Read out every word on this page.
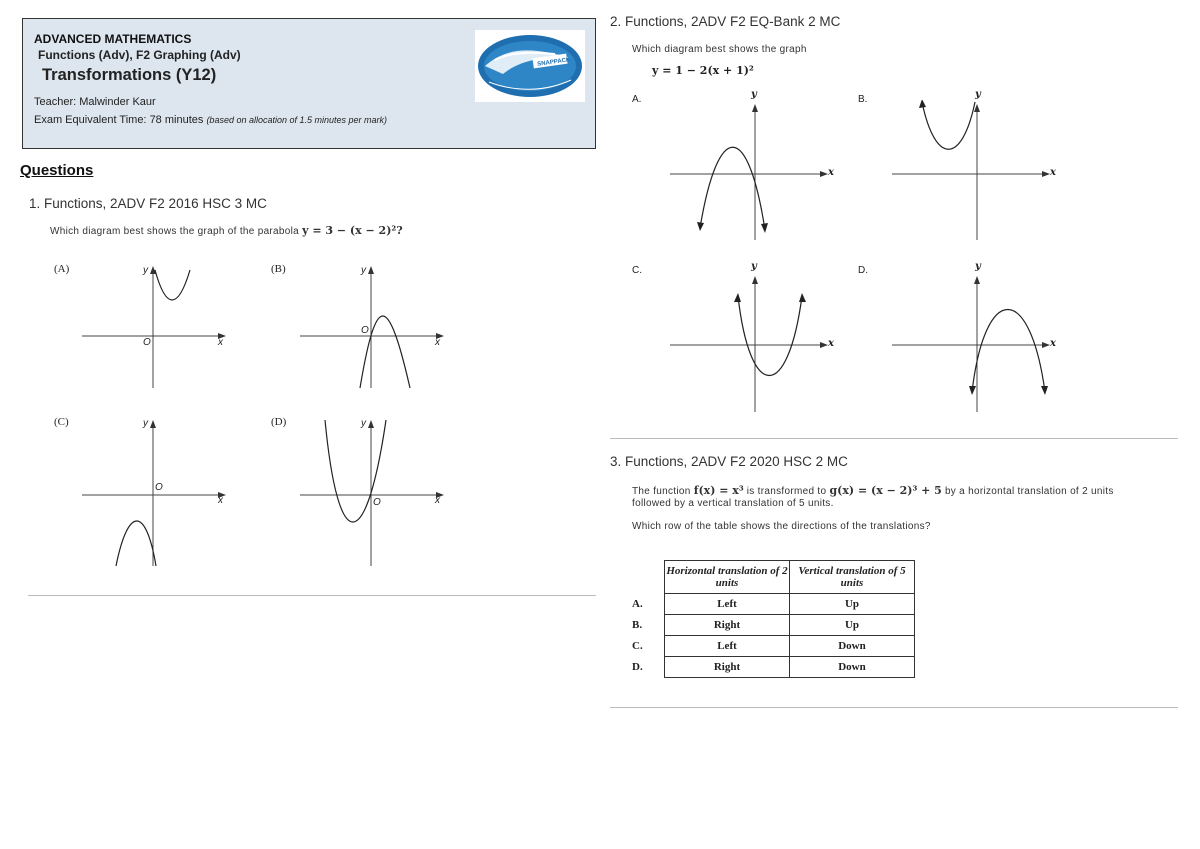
ADVANCED MATHEMATICS
Functions (Adv), F2 Graphing (Adv)
Transformations (Y12)
Teacher: Malwinder Kaur
Exam Equivalent Time: 78 minutes (based on allocation of 1.5 minutes per mark)
SNAPPACK
Questions
1. Functions, 2ADV F2 2016 HSC 3 MC
Which diagram best shows the graph of the parabola y = 3 − (x − 2)²?
(A)	(B)
(C)	(D)
O	x
y
O
x
y
O
x
y
O	x
y
2. Functions, 2ADV F2 EQ-Bank 2 MC
Which diagram best shows the graph
y = 1 − 2(x + 1)²
A.	B.
C.	D.
y
x
y
x
y
x
y
x
3. Functions, 2ADV F2 2020 HSC 2 MC
The function f(x) = x³ is transformed to g(x) = (x − 2)³ + 5 by a horizontal translation of 2 units
followed by a vertical translation of 5 units.
Which row of the table shows the directions of the translations?
	Horizontal translation of 2 units	Vertical translation of 5 units
A.	Left	Up
B.	Right	Up
C.	Left	Down
D.	Right	Down
